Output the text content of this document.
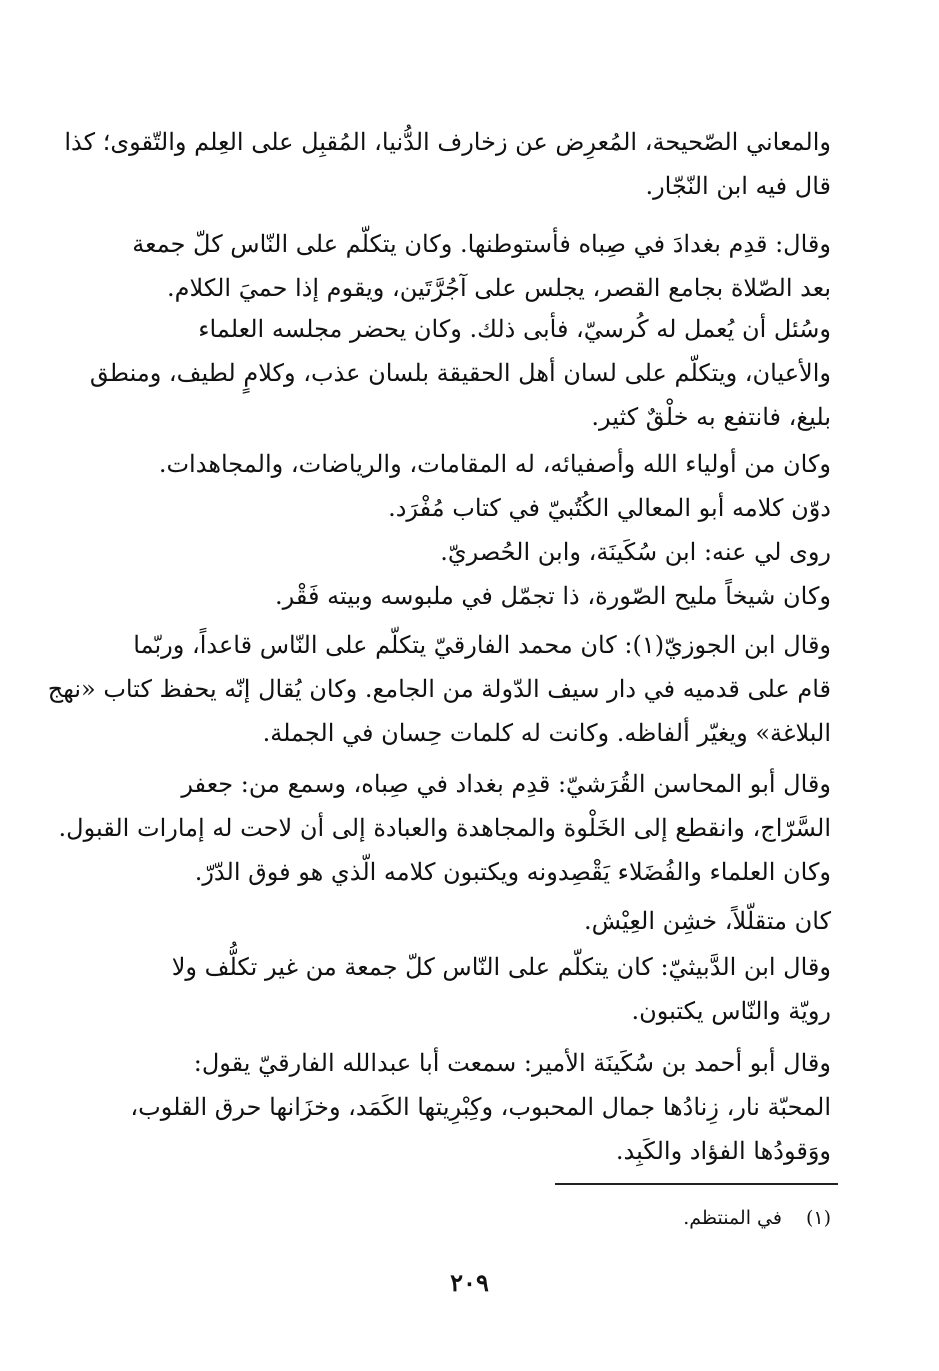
والمعاني الصّحيحة، المُعرِض عن زخارف الدُّنيا، المُقبِل على العِلم والتّقوى؛ كذا
قال فيه ابن النّجّار.
وقال: قدِم بغدادَ في صِباه فأستوطنها. وكان يتكلّم على النّاس كلّ جمعة
بعد الصّلاة بجامع القصر، يجلس على آجُرَّتَين، ويقوم إذا حميَ الكلام.
وسُئل أن يُعمل له كُرسيّ، فأبى ذلك. وكان يحضر مجلسه العلماء
والأعيان، ويتكلّم على لسان أهل الحقيقة بلسان عذب، وكلامٍ لطيف، ومنطق
بليغ، فانتفع به خلْقٌ كثير.
وكان من أولياء الله وأصفيائه، له المقامات، والرياضات، والمجاهدات.
دوّن كلامه أبو المعالي الكُتُبيّ في كتاب مُفْرَد.
روى لي عنه: ابن سُكَينَة، وابن الحُصريّ.
وكان شيخاً مليح الصّورة، ذا تجمّل في ملبوسه وبيته فَقْر.
وقال ابن الجوزيّ(١): كان محمد الفارقيّ يتكلّم على النّاس قاعداً، وربّما
قام على قدميه في دار سيف الدّولة من الجامع. وكان يُقال إنّه يحفظ كتاب «نهج
البلاغة» ويغيّر ألفاظه. وكانت له كلمات حِسان في الجملة.
وقال أبو المحاسن القُرَشيّ: قدِم بغداد في صِباه، وسمع من: جعفر
السَّرّاج، وانقطع إلى الخَلْوة والمجاهدة والعبادة إلى أن لاحت له إمارات القبول.
وكان العلماء والفُضَلاء يَقْصِدونه ويكتبون كلامه الّذي هو فوق الدّرّ.
كان متقلّلاً، خشِن العِيْش.
وقال ابن الدَّبيثيّ: كان يتكلّم على النّاس كلّ جمعة من غير تكلُّف ولا
رويّة والنّاس يكتبون.
وقال أبو أحمد بن سُكَينَة الأمير: سمعت أبا عبدالله الفارقيّ يقول:
المحبّة نار، زِنادُها جمال المحبوب، وكِبْرِيتها الكَمَد، وخزَانها حرق القلوب،
ووَقودُها الفؤاد والكَبِد.
(١)في المنتظم.
٢٠٩
